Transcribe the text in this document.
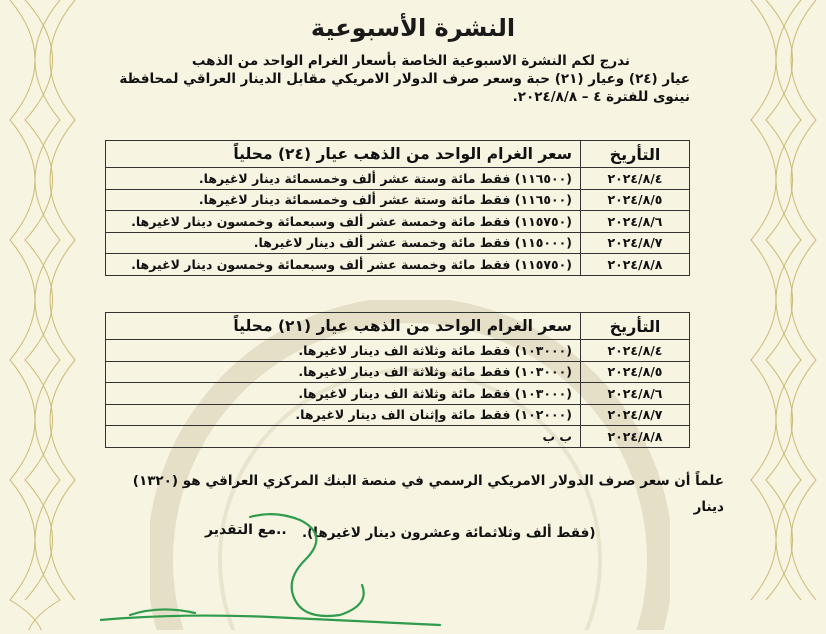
النشرة الأسبوعية
ندرج لكم النشرة الاسبوعية الخاصة بأسعار الغرام الواحد من الذهب
عيار (٢٤) وعيار (٢١) حبة وسعر صرف الدولار الامريكي مقابل الدينار العراقي لمحافظة
نينوى للفترة ٤ – ٢٠٢٤/٨/٨.
التأريخ	سعر الغرام الواحد من الذهب عيار (٢٤) محلياً
٢٠٢٤/٨/٤	(١١٦٥٠٠) فقط مائة وستة عشر ألف وخمسمائة دينار لاغيرها.
٢٠٢٤/٨/٥	(١١٦٥٠٠) فقط مائة وستة عشر ألف وخمسمائة دينار لاغيرها.
٢٠٢٤/٨/٦	(١١٥٧٥٠) فقط مائة وخمسة عشر ألف وسبعمائة وخمسون دينار لاغيرها.
٢٠٢٤/٨/٧	(١١٥٠٠٠) فقط مائة وخمسة عشر ألف دينار لاغيرها.
٢٠٢٤/٨/٨	(١١٥٧٥٠) فقط مائة وخمسة عشر ألف وسبعمائة وخمسون دينار لاغيرها.
التأريخ	سعر الغرام الواحد من الذهب عيار (٢١) محلياً
٢٠٢٤/٨/٤	(١٠٣٠٠٠) فقط مائة وثلاثة الف دينار لاغيرها.
٢٠٢٤/٨/٥	(١٠٣٠٠٠) فقط مائة وثلاثة الف دينار لاغيرها.
٢٠٢٤/٨/٦	(١٠٣٠٠٠) فقط مائة وثلاثة الف دينار لاغيرها.
٢٠٢٤/٨/٧	(١٠٢٠٠٠) فقط مائة وإثنان الف دينار لاغيرها.
٢٠٢٤/٨/٨	ب ب
علماً أن سعر صرف الدولار الامريكي الرسمي في منصة البنك المركزي العراقي هو (١٣٢٠) دينار
(فقط ألف وثلاثمائة وعشرون دينار لاغيرها).
مع التقدير..
